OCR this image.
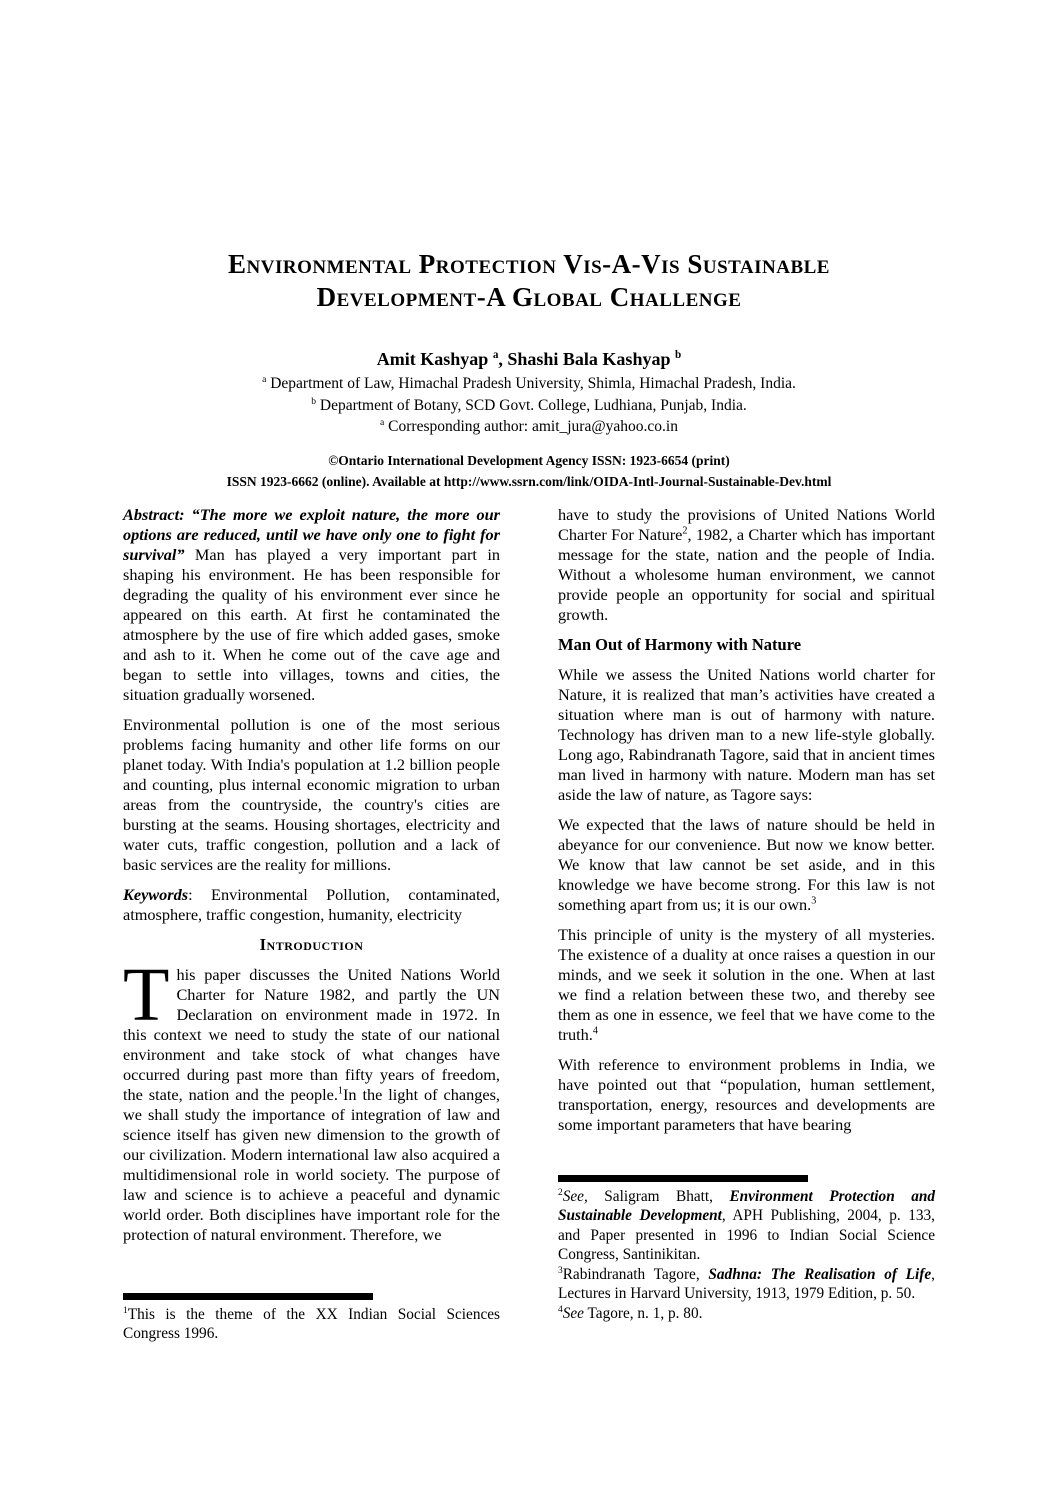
Environmental Protection Vis-A-Vis Sustainable
Development-A Global Challenge
Amit Kashyap $^a$, Shashi Bala Kashyap $^b$
$^a$ Department of Law, Himachal Pradesh University, Shimla, Himachal Pradesh, India.
$^b$ Department of Botany, SCD Govt. College, Ludhiana, Punjab, India.
$^a$ Corresponding author: amit_jura@yahoo.co.in
©Ontario International Development Agency ISSN: 1923-6654 (print)
ISSN 1923-6662 (online). Available at http://www.ssrn.com/link/OIDA-Intl-Journal-Sustainable-Dev.html

Abstract: “The more we exploit nature, the more our options are reduced, until we have only one to fight for survival” Man has played a very important part in shaping his environment. He has been responsible for degrading the quality of his environment ever since he appeared on this earth. At first he contaminated the atmosphere by the use of fire which added gases, smoke and ash to it. When he come out of the cave age and began to settle into villages, towns and cities, the situation gradually worsened.

Environmental pollution is one of the most serious problems facing humanity and other life forms on our planet today. With India's population at 1.2 billion people and counting, plus internal economic migration to urban areas from the countryside, the country's cities are bursting at the seams. Housing shortages, electricity and water cuts, traffic congestion, pollution and a lack of basic services are the reality for millions.

Keywords: Environmental Pollution, contaminated, atmosphere, traffic congestion, humanity, electricity

Introduction

This paper discusses the United Nations World Charter for Nature 1982, and partly the UN Declaration on environment made in 1972. In this context we need to study the state of our national environment and take stock of what changes have occurred during past more than fifty years of freedom, the state, nation and the people.$^1$In the light of changes, we shall study the importance of integration of law and science itself has given new dimension to the growth of our civilization. Modern international law also acquired a multidimensional role in world society. The purpose of law and science is to achieve a peaceful and dynamic world order. Both disciplines have important role for the protection of natural environment. Therefore, we

$^1$This is the theme of the XX Indian Social Sciences Congress 1996.

have to study the provisions of United Nations World Charter For Nature$^2$, 1982, a Charter which has important message for the state, nation and the people of India. Without a wholesome human environment, we cannot provide people an opportunity for social and spiritual growth.

Man Out of Harmony with Nature

While we assess the United Nations world charter for Nature, it is realized that man’s activities have created a situation where man is out of harmony with nature. Technology has driven man to a new life-style globally. Long ago, Rabindranath Tagore, said that in ancient times man lived in harmony with nature. Modern man has set aside the law of nature, as Tagore says:

We expected that the laws of nature should be held in abeyance for our convenience. But now we know better. We know that law cannot be set aside, and in this knowledge we have become strong. For this law is not something apart from us; it is our own.$^3$

This principle of unity is the mystery of all mysteries. The existence of a duality at once raises a question in our minds, and we seek it solution in the one. When at last we find a relation between these two, and thereby see them as one in essence, we feel that we have come to the truth.$^4$

With reference to environment problems in India, we have pointed out that “population, human settlement, transportation, energy, resources and developments are some important parameters that have bearing

$^2$See, Saligram Bhatt, Environment Protection and Sustainable Development, APH Publishing, 2004, p. 133, and Paper presented in 1996 to Indian Social Science Congress, Santinikitan.

$^3$Rabindranath Tagore, Sadhna: The Realisation of Life, Lectures in Harvard University, 1913, 1979 Edition, p. 50.

$^4$See Tagore, n. 1, p. 80.
